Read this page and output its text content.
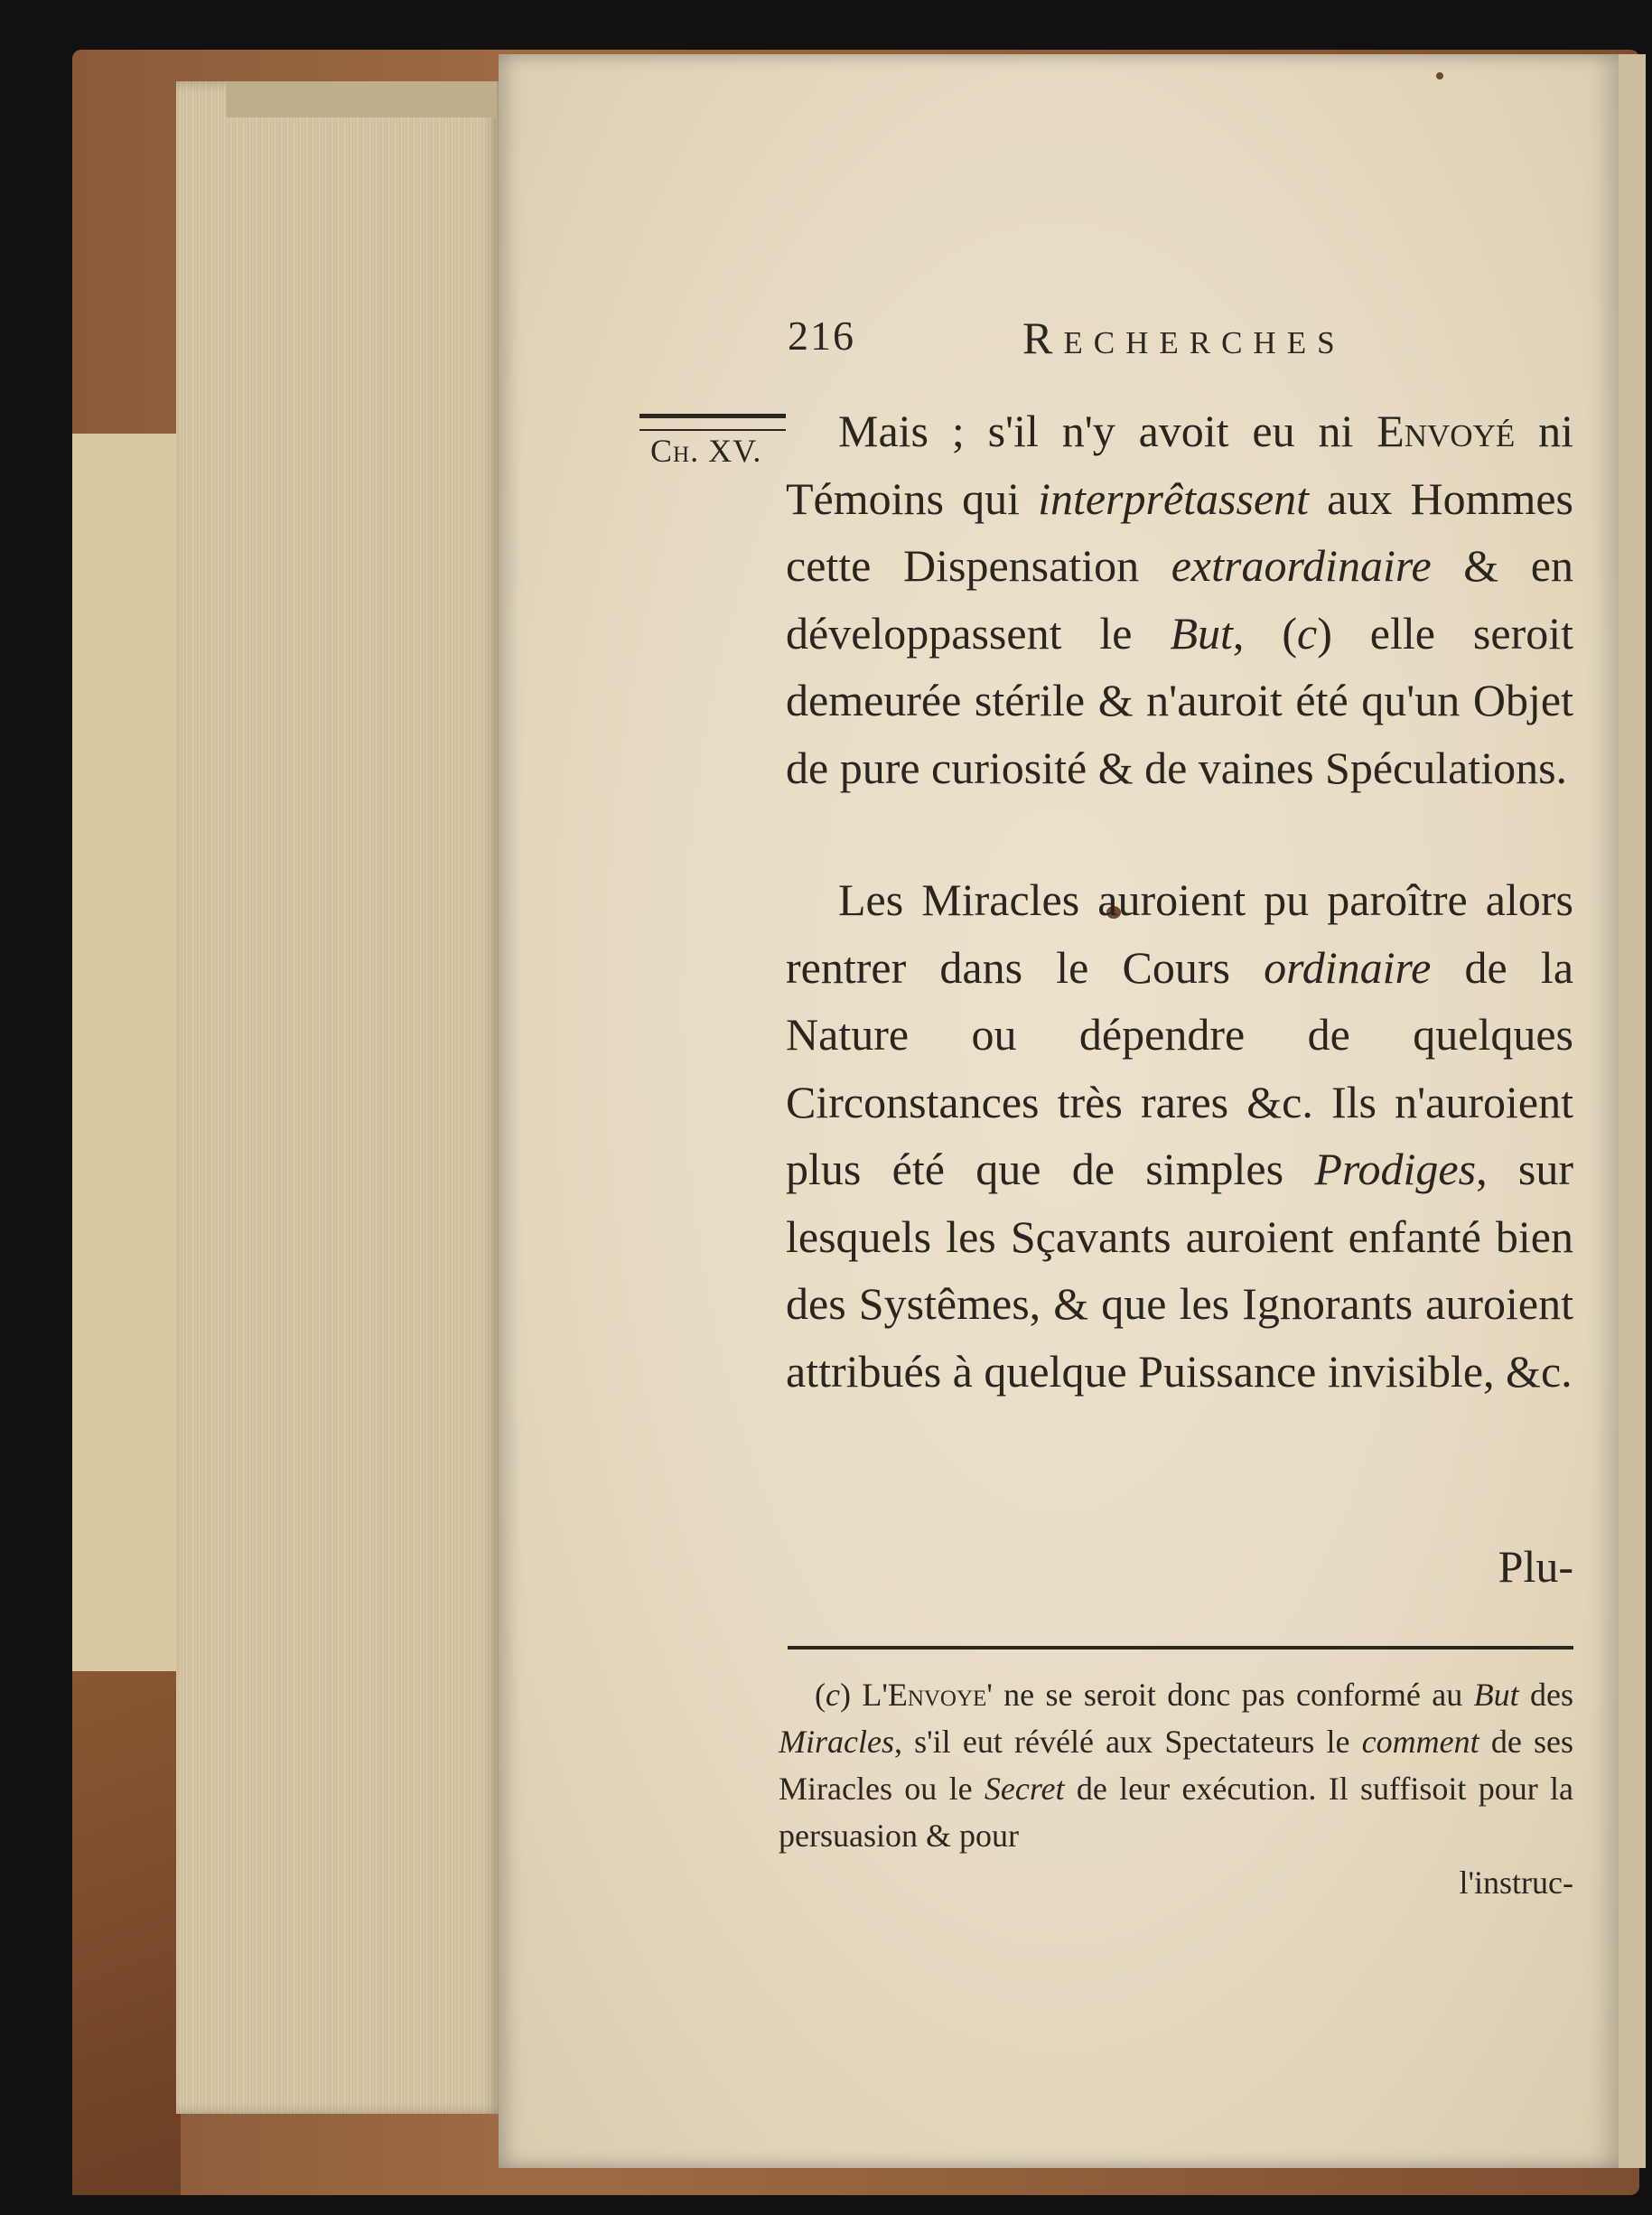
216	Recherches
Ch. XV.	Mais ; s'il n'y avoit eu ni Envoyé ni Témoins qui interprêtassent aux Hommes cette Dispensation extraordinaire & en développassent le But, (c) elle seroit demeurée stérile & n'auroit été qu'un Objet de pure curiosité & de vaines Spéculations.

Les Miracles auroient pu paroître alors rentrer dans le Cours ordinaire de la Nature ou dépendre de quelques Circonstances très rares &c. Ils n'auroient plus été que de simples Prodiges, sur lesquels les Sçavants auroient enfanté bien des Systêmes, & que les Ignorants auroient attribués à quelque Puissance invisible, &c.

Plu-

(c) L'Envoye' ne se seroit donc pas conformé au But des Miracles, s'il eut révélé aux Spectateurs le comment de ses Miracles ou le Secret de leur exécution. Il suffisoit pour la persuasion & pour

l'instruc-
